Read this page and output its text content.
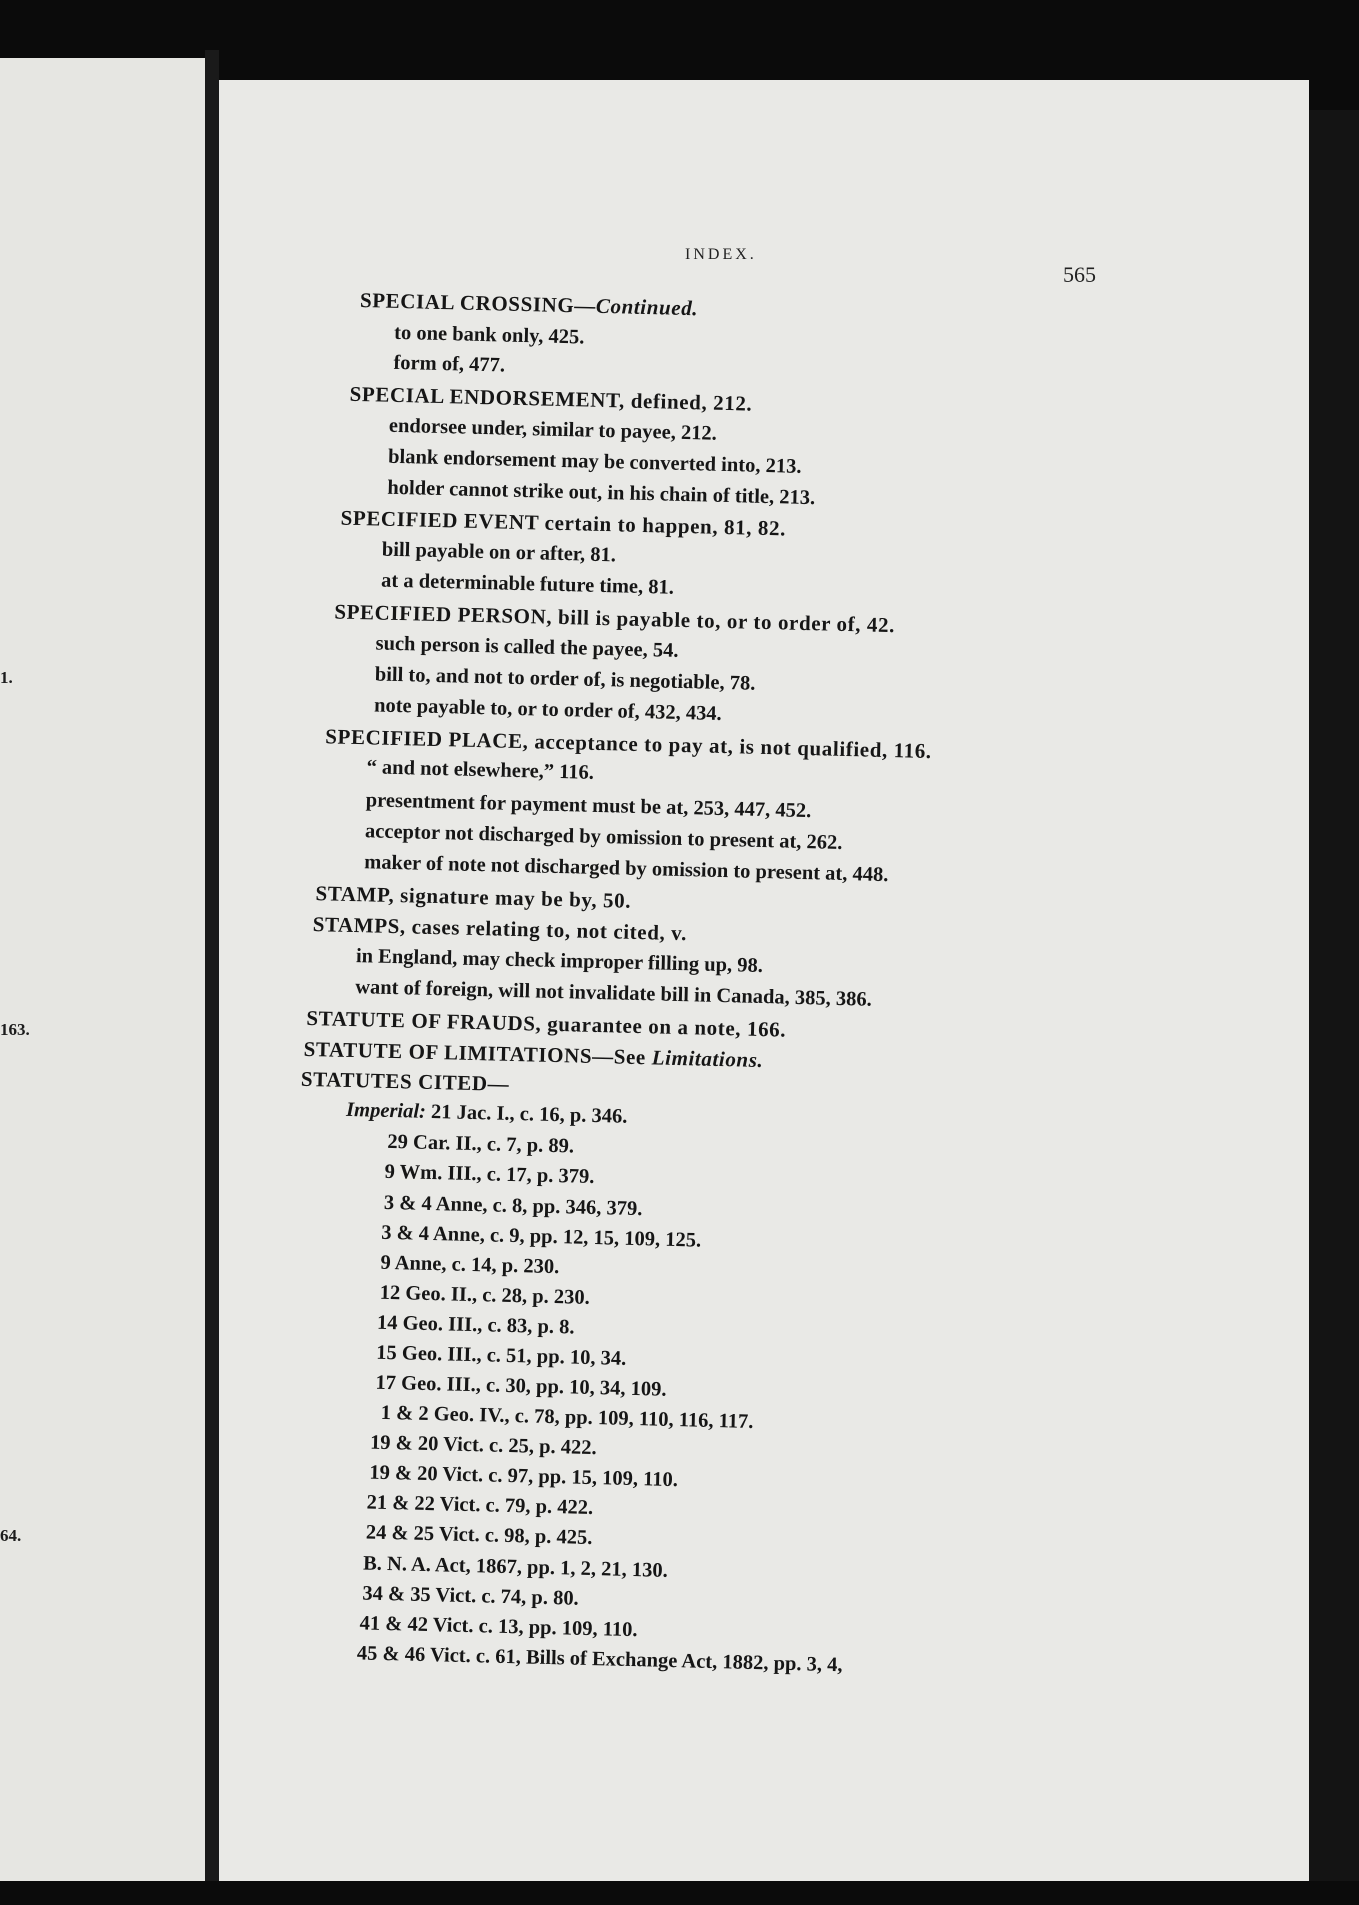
1.
163.
64.
INDEX.
565
SPECIAL CROSSING—Continued.
to one bank only, 425.
form of, 477.
SPECIAL ENDORSEMENT, defined, 212.
endorsee under, similar to payee, 212.
blank endorsement may be converted into, 213.
holder cannot strike out, in his chain of title, 213.
SPECIFIED EVENT certain to happen, 81, 82.
bill payable on or after, 81.
at a determinable future time, 81.
SPECIFIED PERSON, bill is payable to, or to order of, 42.
such person is called the payee, 54.
bill to, and not to order of, is negotiable, 78.
note payable to, or to order of, 432, 434.
SPECIFIED PLACE, acceptance to pay at, is not qualified, 116.
“ and not elsewhere,” 116.
presentment for payment must be at, 253, 447, 452.
acceptor not discharged by omission to present at, 262.
maker of note not discharged by omission to present at, 448.
STAMP, signature may be by, 50.
STAMPS, cases relating to, not cited, v.
in England, may check improper filling up, 98.
want of foreign, will not invalidate bill in Canada, 385, 386.
STATUTE OF FRAUDS, guarantee on a note, 166.
STATUTE OF LIMITATIONS—See Limitations.
STATUTES CITED—
Imperial: 21 Jac. I., c. 16, p. 346.
29 Car. II., c. 7, p. 89.
9 Wm. III., c. 17, p. 379.
3 & 4 Anne, c. 8, pp. 346, 379.
3 & 4 Anne, c. 9, pp. 12, 15, 109, 125.
9 Anne, c. 14, p. 230.
12 Geo. II., c. 28, p. 230.
14 Geo. III., c. 83, p. 8.
15 Geo. III., c. 51, pp. 10, 34.
17 Geo. III., c. 30, pp. 10, 34, 109.
1 & 2 Geo. IV., c. 78, pp. 109, 110, 116, 117.
19 & 20 Vict. c. 25, p. 422.
19 & 20 Vict. c. 97, pp. 15, 109, 110.
21 & 22 Vict. c. 79, p. 422.
24 & 25 Vict. c. 98, p. 425.
B. N. A. Act, 1867, pp. 1, 2, 21, 130.
34 & 35 Vict. c. 74, p. 80.
41 & 42 Vict. c. 13, pp. 109, 110.
45 & 46 Vict. c. 61, Bills of Exchange Act, 1882, pp. 3, 4,
